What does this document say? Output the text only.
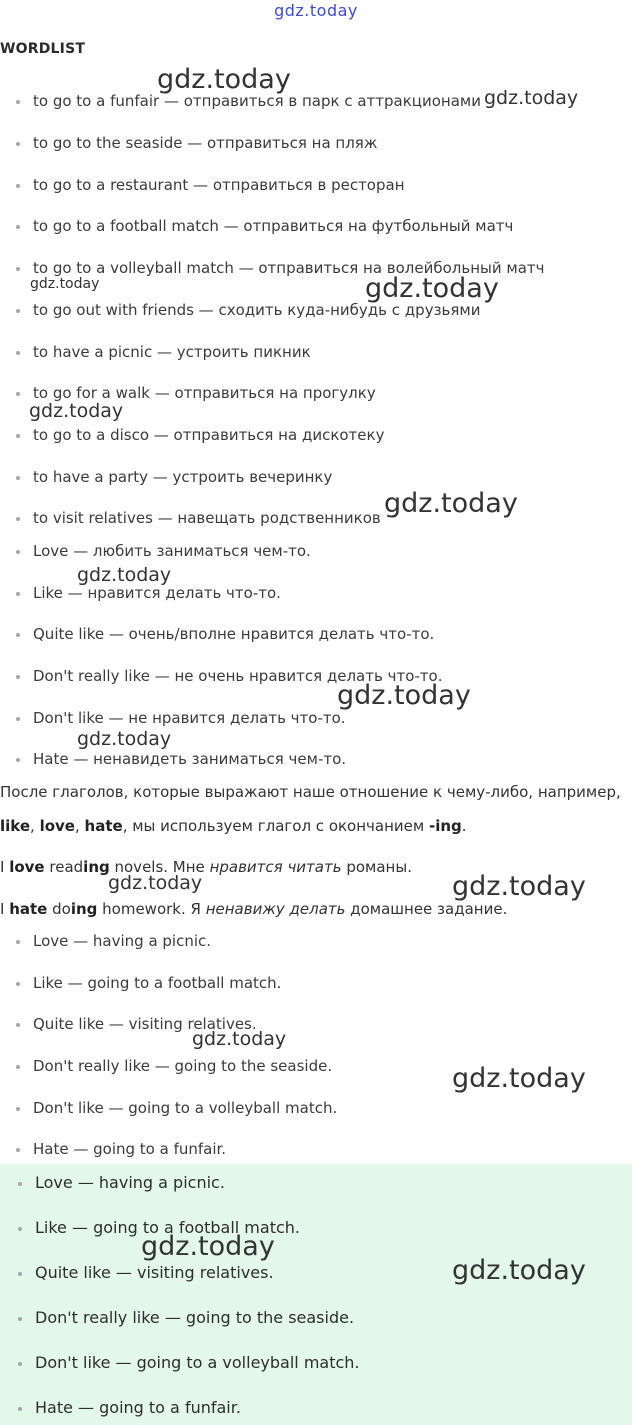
gdz.today
WORDLIST
to go to a funfair — отправиться в парк с аттракционами
to go to the seaside — отправиться на пляж
to go to a restaurant — отправиться в ресторан
to go to a football match — отправиться на футбольный матч
to go to a volleyball match — отправиться на волейбольный матч
to go out with friends — сходить куда-нибудь с друзьями
to have a picnic — устроить пикник
to go for a walk — отправиться на прогулку
to go to a disco — отправиться на дискотеку
to have a party — устроить вечеринку
to visit relatives — навещать родственников
Love — любить заниматься чем-то.
Like — нравится делать что-то.
Quite like — очень/вполне нравится делать что-то.
Don't really like — не очень нравится делать что-то.
Don't like — не нравится делать что-то.
Hate — ненавидеть заниматься чем-то.
После глаголов, которые выражают наше отношение к чему-либо, например,
like, love, hate, мы используем глагол с окончанием -ing.
I love reading novels. Мне нравится читать романы.
I hate doing homework. Я ненавижу делать домашнее задание.
Love — having a picnic.
Like — going to a football match.
Quite like — visiting relatives.
Don't really like — going to the seaside.
Don't like — going to a volleyball match.
Hate — going to a funfair.
Love — having a picnic.
Like — going to a football match.
Quite like — visiting relatives.
Don't really like — going to the seaside.
Don't like — going to a volleyball match.
Hate — going to a funfair.
gdz.today
gdz.today
gdz.today	gdz.today
gdz.today
gdz.today
gdz.today
gdz.today
gdz.today
gdz.today	gdz.today
gdz.today
gdz.today
gdz.today
gdz.today
